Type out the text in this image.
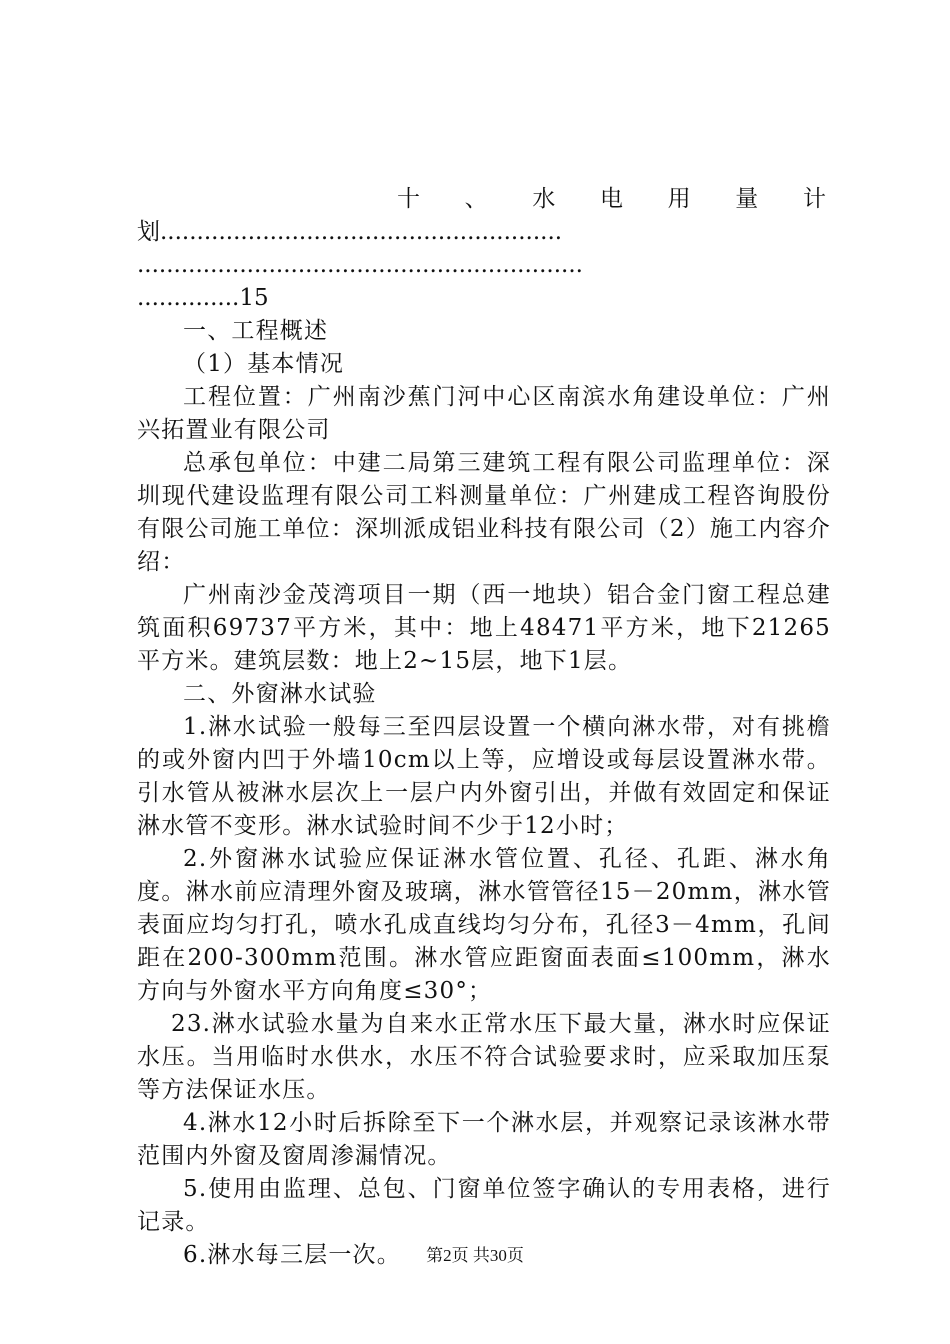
十 、 水 电 用 量 计
划.......................................................
.............................................................
..............15

一、工程概述

（1）基本情况

工程位置：广州南沙蕉门河中心区南滨水角建设单位：广州兴拓置业有限公司

总承包单位：中建二局第三建筑工程有限公司监理单位：深圳现代建设监理有限公司工料测量单位：广州建成工程咨询股份有限公司施工单位：深圳派成铝业科技有限公司（2）施工内容介绍：

广州南沙金茂湾项目一期（西一地块）铝合金门窗工程总建筑面积69737平方米，其中：地上48471平方米，地下21265平方米。建筑层数：地上2~15层，地下1层。

二、外窗淋水试验

1.淋水试验一般每三至四层设置一个横向淋水带，对有挑檐的或外窗内凹于外墙10cm以上等，应增设或每层设置淋水带。引水管从被淋水层次上一层户内外窗引出，并做有效固定和保证淋水管不变形。淋水试验时间不少于12小时；

2.外窗淋水试验应保证淋水管位置、孔径、孔距、淋水角度。淋水前应清理外窗及玻璃，淋水管管径15－20mm，淋水管表面应均匀打孔，喷水孔成直线均匀分布，孔径3－4mm，孔间距在200-300mm范围。淋水管应距窗面表面≤100mm，淋水方向与外窗水平方向角度≤30°；

23.淋水试验水量为自来水正常水压下最大量，淋水时应保证水压。当用临时水供水，水压不符合试验要求时，应采取加压泵等方法保证水压。

4.淋水12小时后拆除至下一个淋水层，并观察记录该淋水带范围内外窗及窗周渗漏情况。

5.使用由监理、总包、门窗单位签字确认的专用表格，进行记录。

6.淋水每三层一次。	第2页 共30页
